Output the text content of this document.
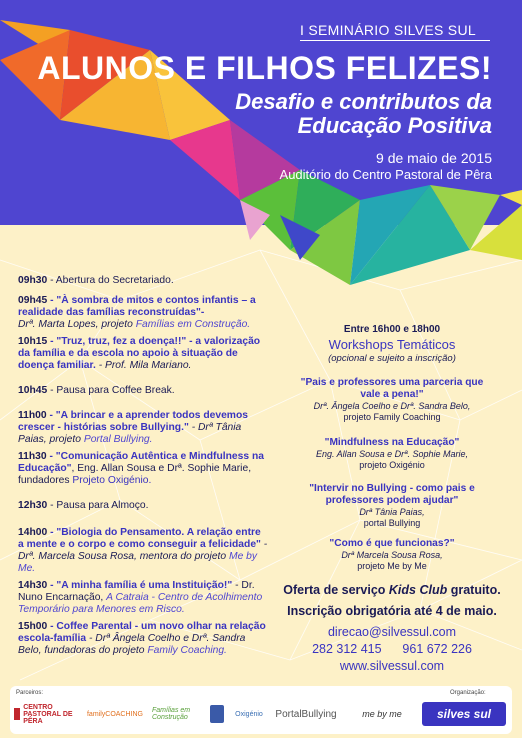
I SEMINÁRIO SILVES SUL
ALUNOS E FILHOS FELIZES!
Desafio e contributos da
Educação Positiva
9 de maio de 2015
Auditório do Centro Pastoral de Pêra
09h30 - Abertura do Secretariado.
09h45 - "À sombra de mitos e contos infantis – a realidade das famílias reconstruídas"-
Drª. Marta Lopes, projeto Famílias em Construção.
10h15 - "Truz, truz, fez a doença!!" - a valorização da família e da escola no apoio à situação de doença familiar. - Prof. Mila Mariano.
10h45 - Pausa para Coffee Break.
11h00 - "A brincar e a aprender todos devemos crescer - histórias sobre Bullying." - Drª Tânia Paias, projeto Portal Bullying.
11h30 - "Comunicação Autêntica e Mindfulness na Educação", Eng. Allan Sousa e Drª. Sophie Marie, fundadores Projeto Oxigénio.
12h30 - Pausa para Almoço.
14h00 - "Biologia do Pensamento. A relação entre a mente e o corpo e como conseguir a felicidade" - Drª. Marcela Sousa Rosa, mentora do projeto Me by Me.
14h30 - "A minha família é uma Instituição!" - Dr. Nuno Encarnação, A Catraia - Centro de Acolhimento Temporário para Menores em Risco.
15h00 - Coffee Parental - um novo olhar na relação escola-família - Drª Ângela Coelho e Drª. Sandra Belo, fundadoras do projeto Family Coaching.
Entre 16h00 e 18h00
Workshops Temáticos
(opcional e sujeito a inscrição)
"Pais e professores uma parceria que vale a pena!"
Drª. Ângela Coelho e Drª. Sandra Belo,
projeto Family Coaching
"Mindfulness na Educação"
Eng. Allan Sousa e Drª. Sophie Marie,
projeto Oxigénio
"Intervir no Bullying - como pais e professores podem ajudar"
Drª Tânia Paias,
portal Bullying
"Como é que funcionas?"
Drª Marcela Sousa Rosa,
projeto Me by Me
Oferta de serviço Kids Club gratuito.
Inscrição obrigatória até 4 de maio.
direcao@silvessul.com
282 312 415 961 672 226
www.silvessul.com
Parceiros:	Organização:
CENTRO PASTORAL DE PÊRA
familyCOACHING	Famílias em Construção	Oxigénio	PortalBullying	me by me	silves sul
